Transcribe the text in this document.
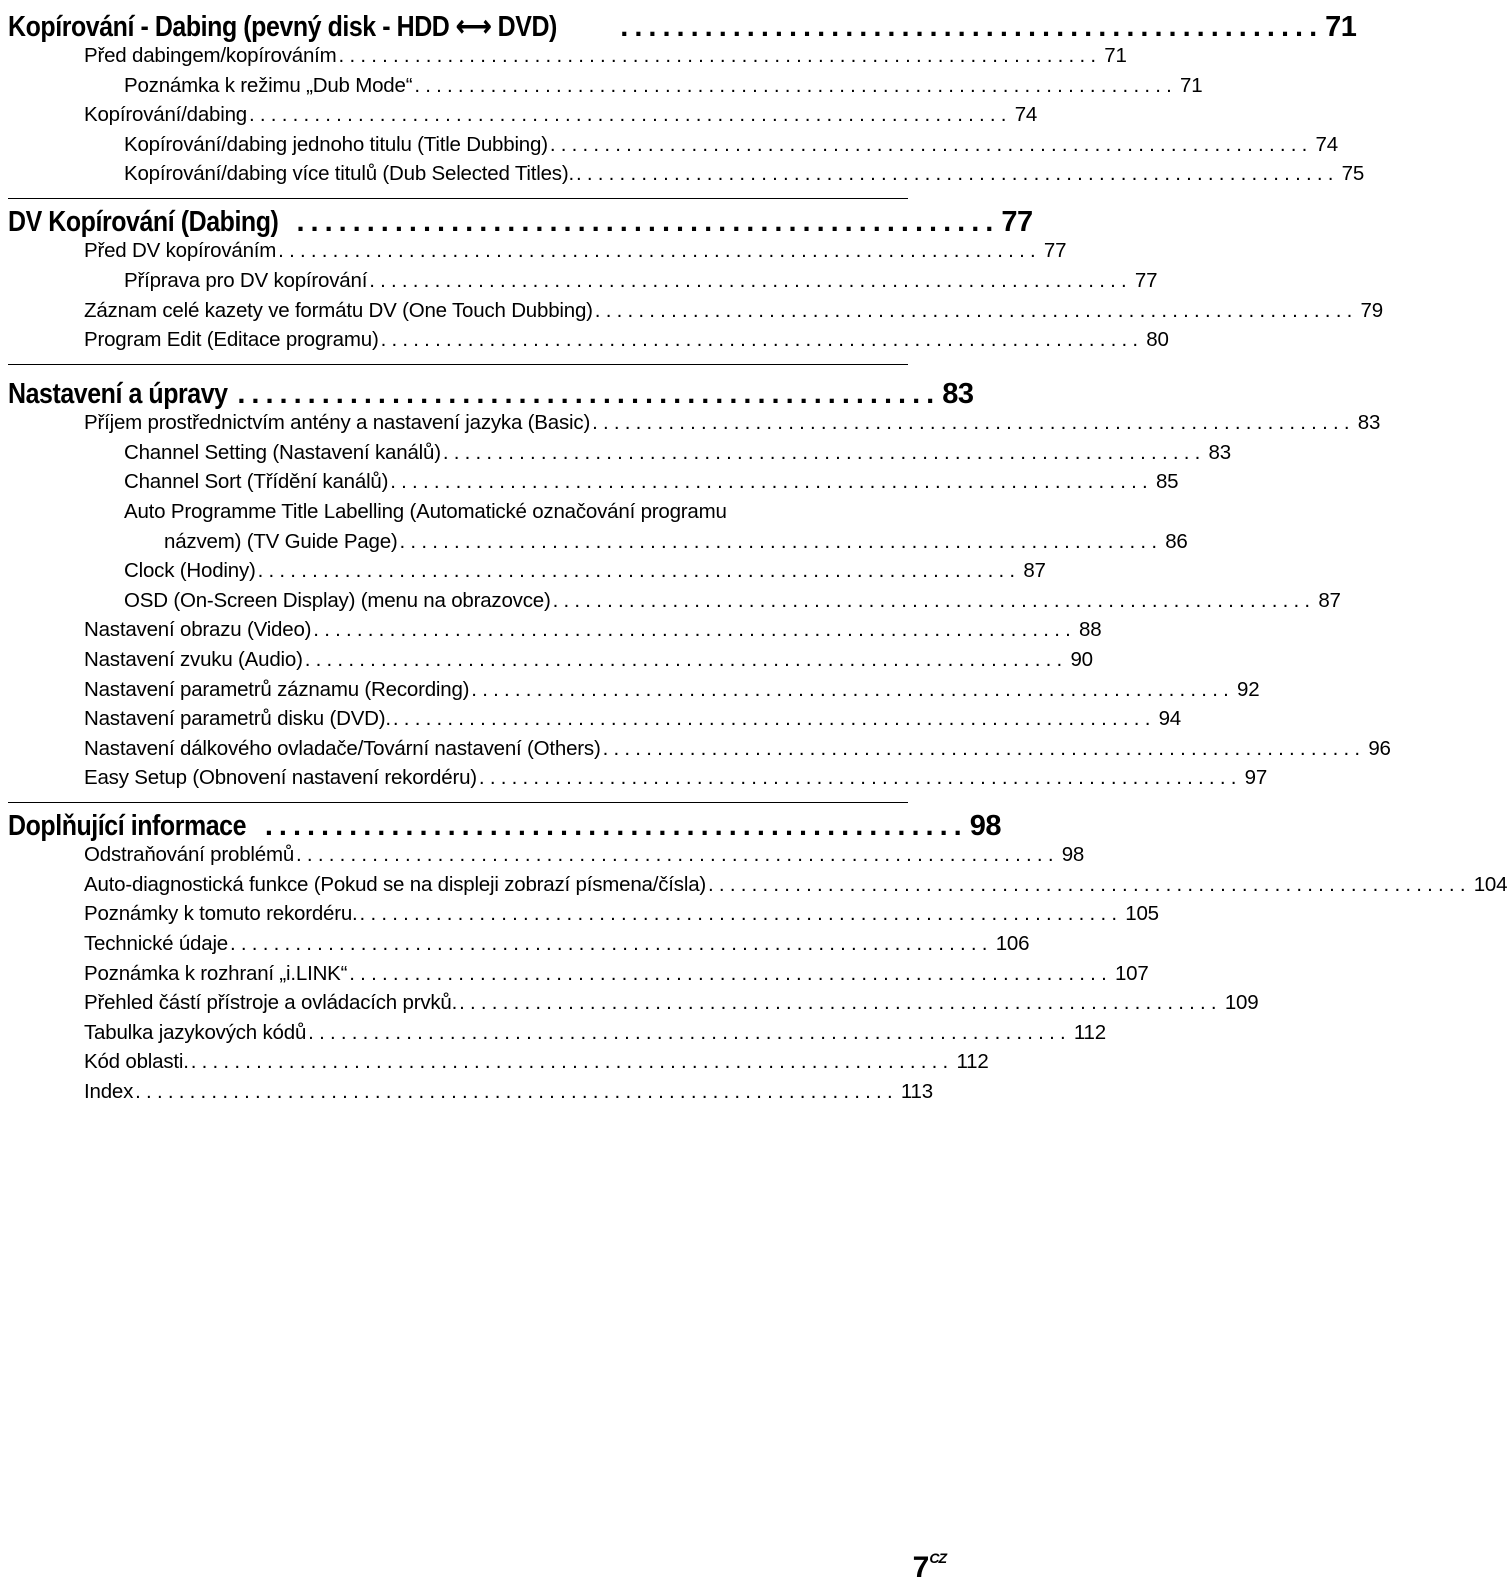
Kopírování - Dabing (pevný disk - HDD ⟷ DVD) .................................................. 71
Před dabingem/kopírováním ...................................................................... 71
Poznámka k režimu „Dub Mode“ ...................................................................... 71
Kopírování/dabing ...................................................................... 74
Kopírování/dabing jednoho titulu (Title Dubbing) ...................................................................... 74
Kopírování/dabing více titulů (Dub Selected Titles). ...................................................................... 75
DV Kopírování (Dabing) .................................................. 77
Před DV kopírováním ...................................................................... 77
Příprava pro DV kopírování ...................................................................... 77
Záznam celé kazety ve formátu DV (One Touch Dubbing) ...................................................................... 79
Program Edit (Editace programu) ...................................................................... 80
Nastavení a úpravy .................................................. 83
Příjem prostřednictvím antény a nastavení jazyka (Basic) ...................................................................... 83
Channel Setting (Nastavení kanálů) ...................................................................... 83
Channel Sort (Třídění kanálů) ...................................................................... 85
Auto Programme Title Labelling (Automatické označování programu
názvem) (TV Guide Page) ...................................................................... 86
Clock (Hodiny) ...................................................................... 87
OSD (On-Screen Display) (menu na obrazovce) ...................................................................... 87
Nastavení obrazu (Video) ...................................................................... 88
Nastavení zvuku (Audio) ...................................................................... 90
Nastavení parametrů záznamu (Recording) ...................................................................... 92
Nastavení parametrů disku (DVD). ...................................................................... 94
Nastavení dálkového ovladače/Tovární nastavení (Others) ...................................................................... 96
Easy Setup (Obnovení nastavení rekordéru) ...................................................................... 97
Doplňující informace .................................................. 98
Odstraňování problémů ...................................................................... 98
Auto-diagnostická funkce (Pokud se na displeji zobrazí písmena/čísla) ...................................................................... 104
Poznámky k tomuto rekordéru. ...................................................................... 105
Technické údaje ...................................................................... 106
Poznámka k rozhraní „i.LINK“ ...................................................................... 107
Přehled částí přístroje a ovládacích prvků. ...................................................................... 109
Tabulka jazykových kódů ...................................................................... 112
Kód oblasti. ...................................................................... 112
Index ...................................................................... 113
$7^{CZ}$
